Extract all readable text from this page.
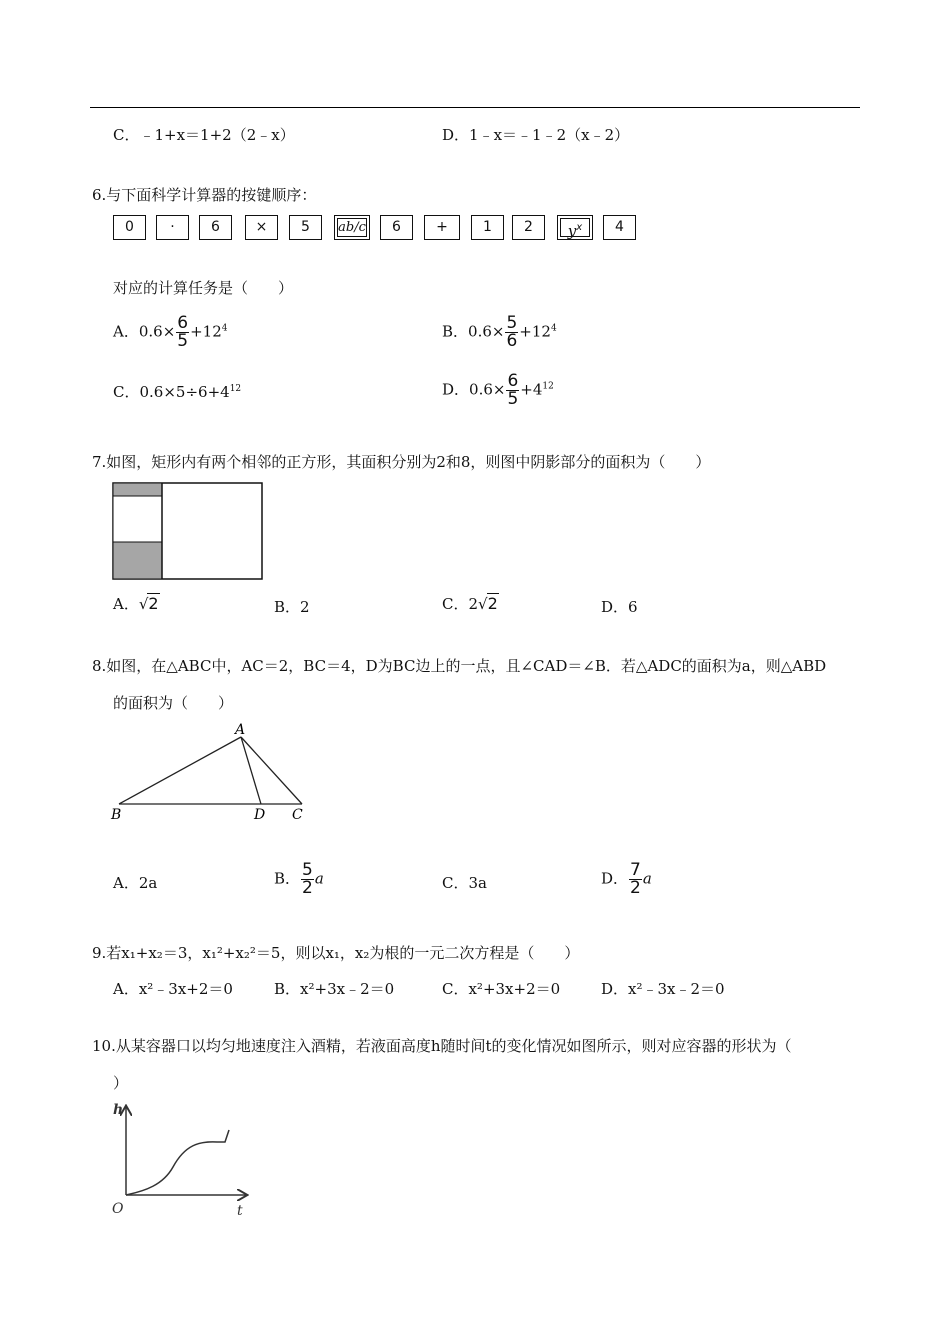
C．﹣1+x＝1+2（2﹣x）	D．1﹣x＝﹣1﹣2（x﹣2）
6.与下面科学计算器的按键顺序：
0	·	6	×	5	ab/c	6	+	1	2	$y^x$	4
对应的计算任务是（　　）
A．$0.6\times \frac{6}{5} +12^4$	B．$0.6\times \frac{5}{6} +12^4$
C．$0.6\times 5\div 6+4^{12}$	D．$0.6\times \frac{6}{5} +4^{12}$
7.如图，矩形内有两个相邻的正方形，其面积分别为2和8，则图中阴影部分的面积为（　　）
A．√2	B．2	C．2√2	D．6
8.如图，在△ABC中，AC＝2，BC＝4，D为BC边上的一点，且∠CAD＝∠B．若△ADC的面积为a，则△ABD
的面积为（　　）
A
B	D C
A．2a	B． $\frac{5}{2}$ a	C．3a	D． $\frac{7}{2}$ a
9.若x₁+x₂＝3，x₁²+x₂²＝5，则以x₁，x₂为根的一元二次方程是（　　）
A．x²﹣3x+2＝0	B．x²+3x﹣2＝0	C．x²+3x+2＝0	D．x²﹣3x﹣2＝0
10.从某容器口以均匀地速度注入酒精，若液面高度h随时间t的变化情况如图所示，则对应容器的形状为（
）
h
t
O
